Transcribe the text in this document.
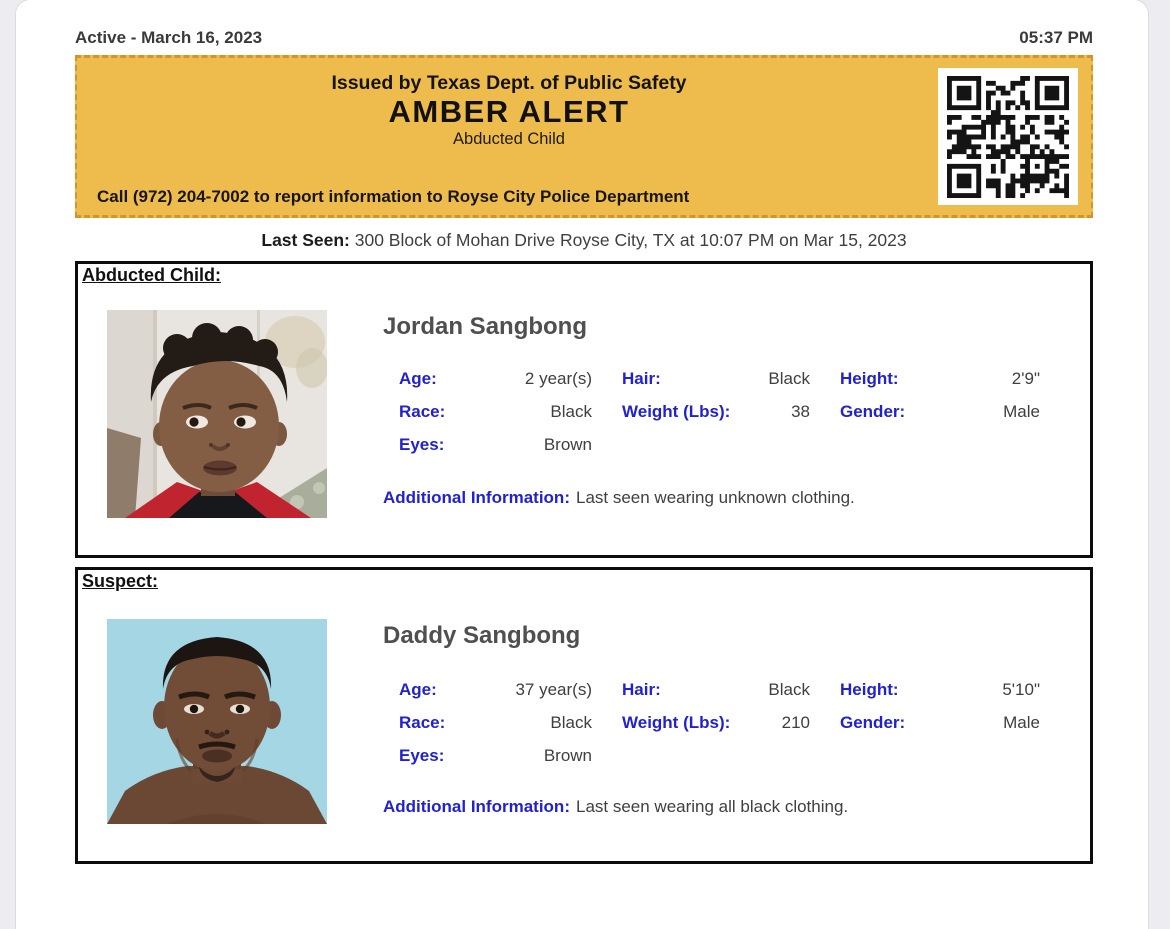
Active - March 16, 2023	05:37 PM
Issued by Texas Dept. of Public Safety
AMBER ALERT
Abducted Child
Call (972) 204-7002 to report information to Royse City Police Department
Last Seen: 300 Block of Mohan Drive Royse City, TX at 10:07 PM on Mar 15, 2023
Abducted Child:
Jordan Sangbong
Age:	2 year(s) Hair:	Black Height:	2'9"
Race:	Black Weight (Lbs):	38 Gender:	Male
Eyes:	Brown
Additional Information: Last seen wearing unknown clothing.
Suspect:
Daddy Sangbong
Age:	37 year(s) Hair:	Black Height:	5'10"
Race:	Black Weight (Lbs):	210 Gender:	Male
Eyes:	Brown
Additional Information: Last seen wearing all black clothing.
